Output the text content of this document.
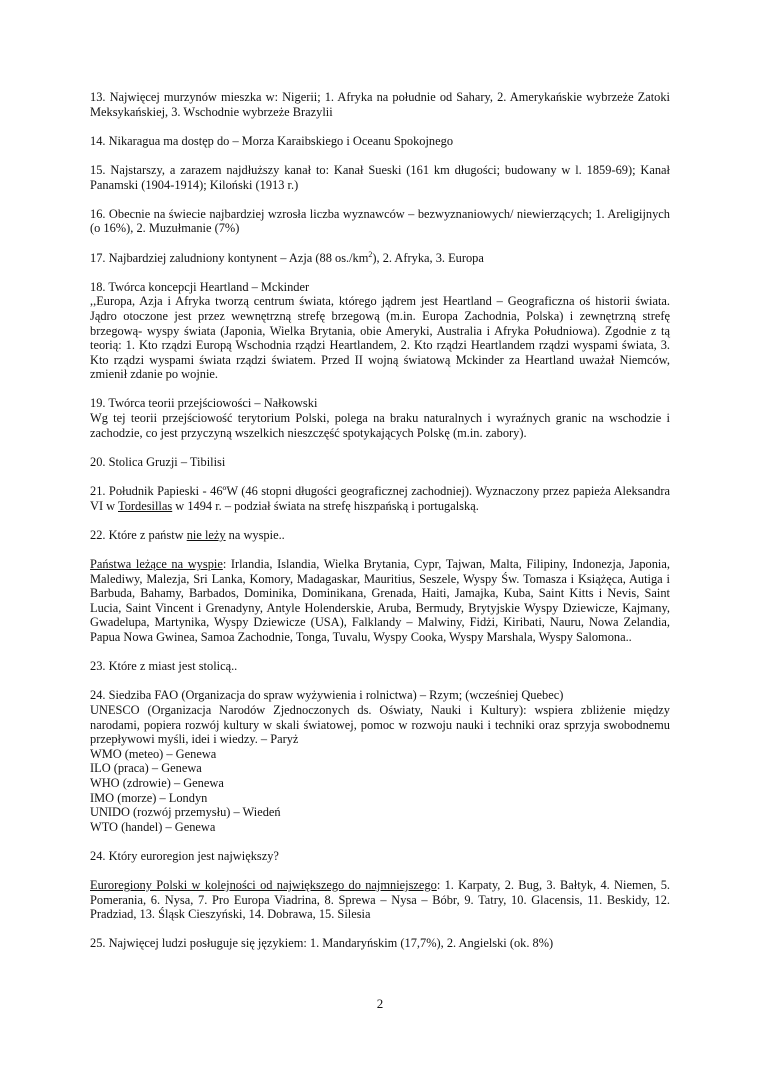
13. Najwięcej murzynów mieszka w: Nigerii; 1. Afryka na południe od Sahary, 2. Amerykańskie wybrzeże Zatoki Meksykańskiej, 3. Wschodnie wybrzeże Brazylii

14. Nikaragua ma dostęp do – Morza Karaibskiego i Oceanu Spokojnego

15. Najstarszy, a zarazem najdłuższy kanał to: Kanał Sueski (161 km długości; budowany w l. 1859-69); Kanał Panamski (1904-1914); Kiloński (1913 r.)

16. Obecnie na świecie najbardziej wzrosła liczba wyznawców – bezwyznaniowych/ niewierzących; 1. Areligijnych (o 16%), 2. Muzułmanie (7%)

17. Najbardziej zaludniony kontynent – Azja (88 $os./km^2$), 2. Afryka, 3. Europa

18. Twórca koncepcji Heartland – Mckinder
,,Europa, Azja i Afryka tworzą centrum świata, którego jądrem jest Heartland – Geograficzna oś historii świata. Jądro otoczone jest przez wewnętrzną strefę brzegową (m.in. Europa Zachodnia, Polska) i zewnętrzną strefę brzegową- wyspy świata (Japonia, Wielka Brytania, obie Ameryki, Australia i Afryka Południowa). Zgodnie z tą teorią: 1. Kto rządzi Europą Wschodnia rządzi Heartlandem, 2. Kto rządzi Heartlandem rządzi wyspami świata, 3. Kto rządzi wyspami świata rządzi światem. Przed II wojną światową Mckinder za Heartland uważał Niemców, zmienił zdanie po wojnie.

19. Twórca teorii przejściowości – Nałkowski
Wg tej teorii przejściowość terytorium Polski, polega na braku naturalnych i wyraźnych granic na wschodzie i zachodzie, co jest przyczyną wszelkich nieszczęść spotykających Polskę (m.in. zabory).

20. Stolica Gruzji – Tibilisi

21. Południk Papieski - 46ºW (46 stopni długości geograficznej zachodniej). Wyznaczony przez papieża Aleksandra VI w Tordesillas w 1494 r. – podział świata na strefę hiszpańską i portugalską.

22. Które z państw nie leży na wyspie..

Państwa leżące na wyspie: Irlandia, Islandia, Wielka Brytania, Cypr, Tajwan, Malta, Filipiny, Indonezja, Japonia, Malediwy, Malezja, Sri Lanka, Komory, Madagaskar, Mauritius, Seszele, Wyspy Św. Tomasza i Książęca, Autiga i Barbuda, Bahamy, Barbados, Dominika, Dominikana, Grenada, Haiti, Jamajka, Kuba, Saint Kitts i Nevis, Saint Lucia, Saint Vincent i Grenadyny, Antyle Holenderskie, Aruba, Bermudy, Brytyjskie Wyspy Dziewicze, Kajmany, Gwadelupa, Martynika, Wyspy Dziewicze (USA), Falklandy – Malwiny, Fidżi, Kiribati, Nauru, Nowa Zelandia, Papua Nowa Gwinea, Samoa Zachodnie, Tonga, Tuvalu, Wyspy Cooka, Wyspy Marshala, Wyspy Salomona..

23. Które z miast jest stolicą..

24. Siedziba FAO (Organizacja do spraw wyżywienia i rolnictwa) – Rzym; (wcześniej Quebec)
UNESCO (Organizacja Narodów Zjednoczonych ds. Oświaty, Nauki i Kultury): wspiera zbliżenie między narodami, popiera rozwój kultury w skali światowej, pomoc w rozwoju nauki i techniki oraz sprzyja swobodnemu przepływowi myśli, idei i wiedzy. – Paryż
WMO (meteo) – Genewa
ILO (praca) – Genewa
WHO (zdrowie) – Genewa
IMO (morze) – Londyn
UNIDO (rozwój przemysłu) – Wiedeń
WTO (handel) – Genewa

24. Który euroregion jest największy?

Euroregiony Polski w kolejności od największego do najmniejszego: 1. Karpaty, 2. Bug, 3. Bałtyk, 4. Niemen, 5. Pomerania, 6. Nysa, 7. Pro Europa Viadrina, 8. Sprewa – Nysa – Bóbr, 9. Tatry, 10. Glacensis, 11. Beskidy, 12. Pradziad, 13. Śląsk Cieszyński, 14. Dobrawa, 15. Silesia

25. Najwięcej ludzi posługuje się językiem: 1. Mandaryńskim (17,7%), 2. Angielski (ok. 8%)

2
